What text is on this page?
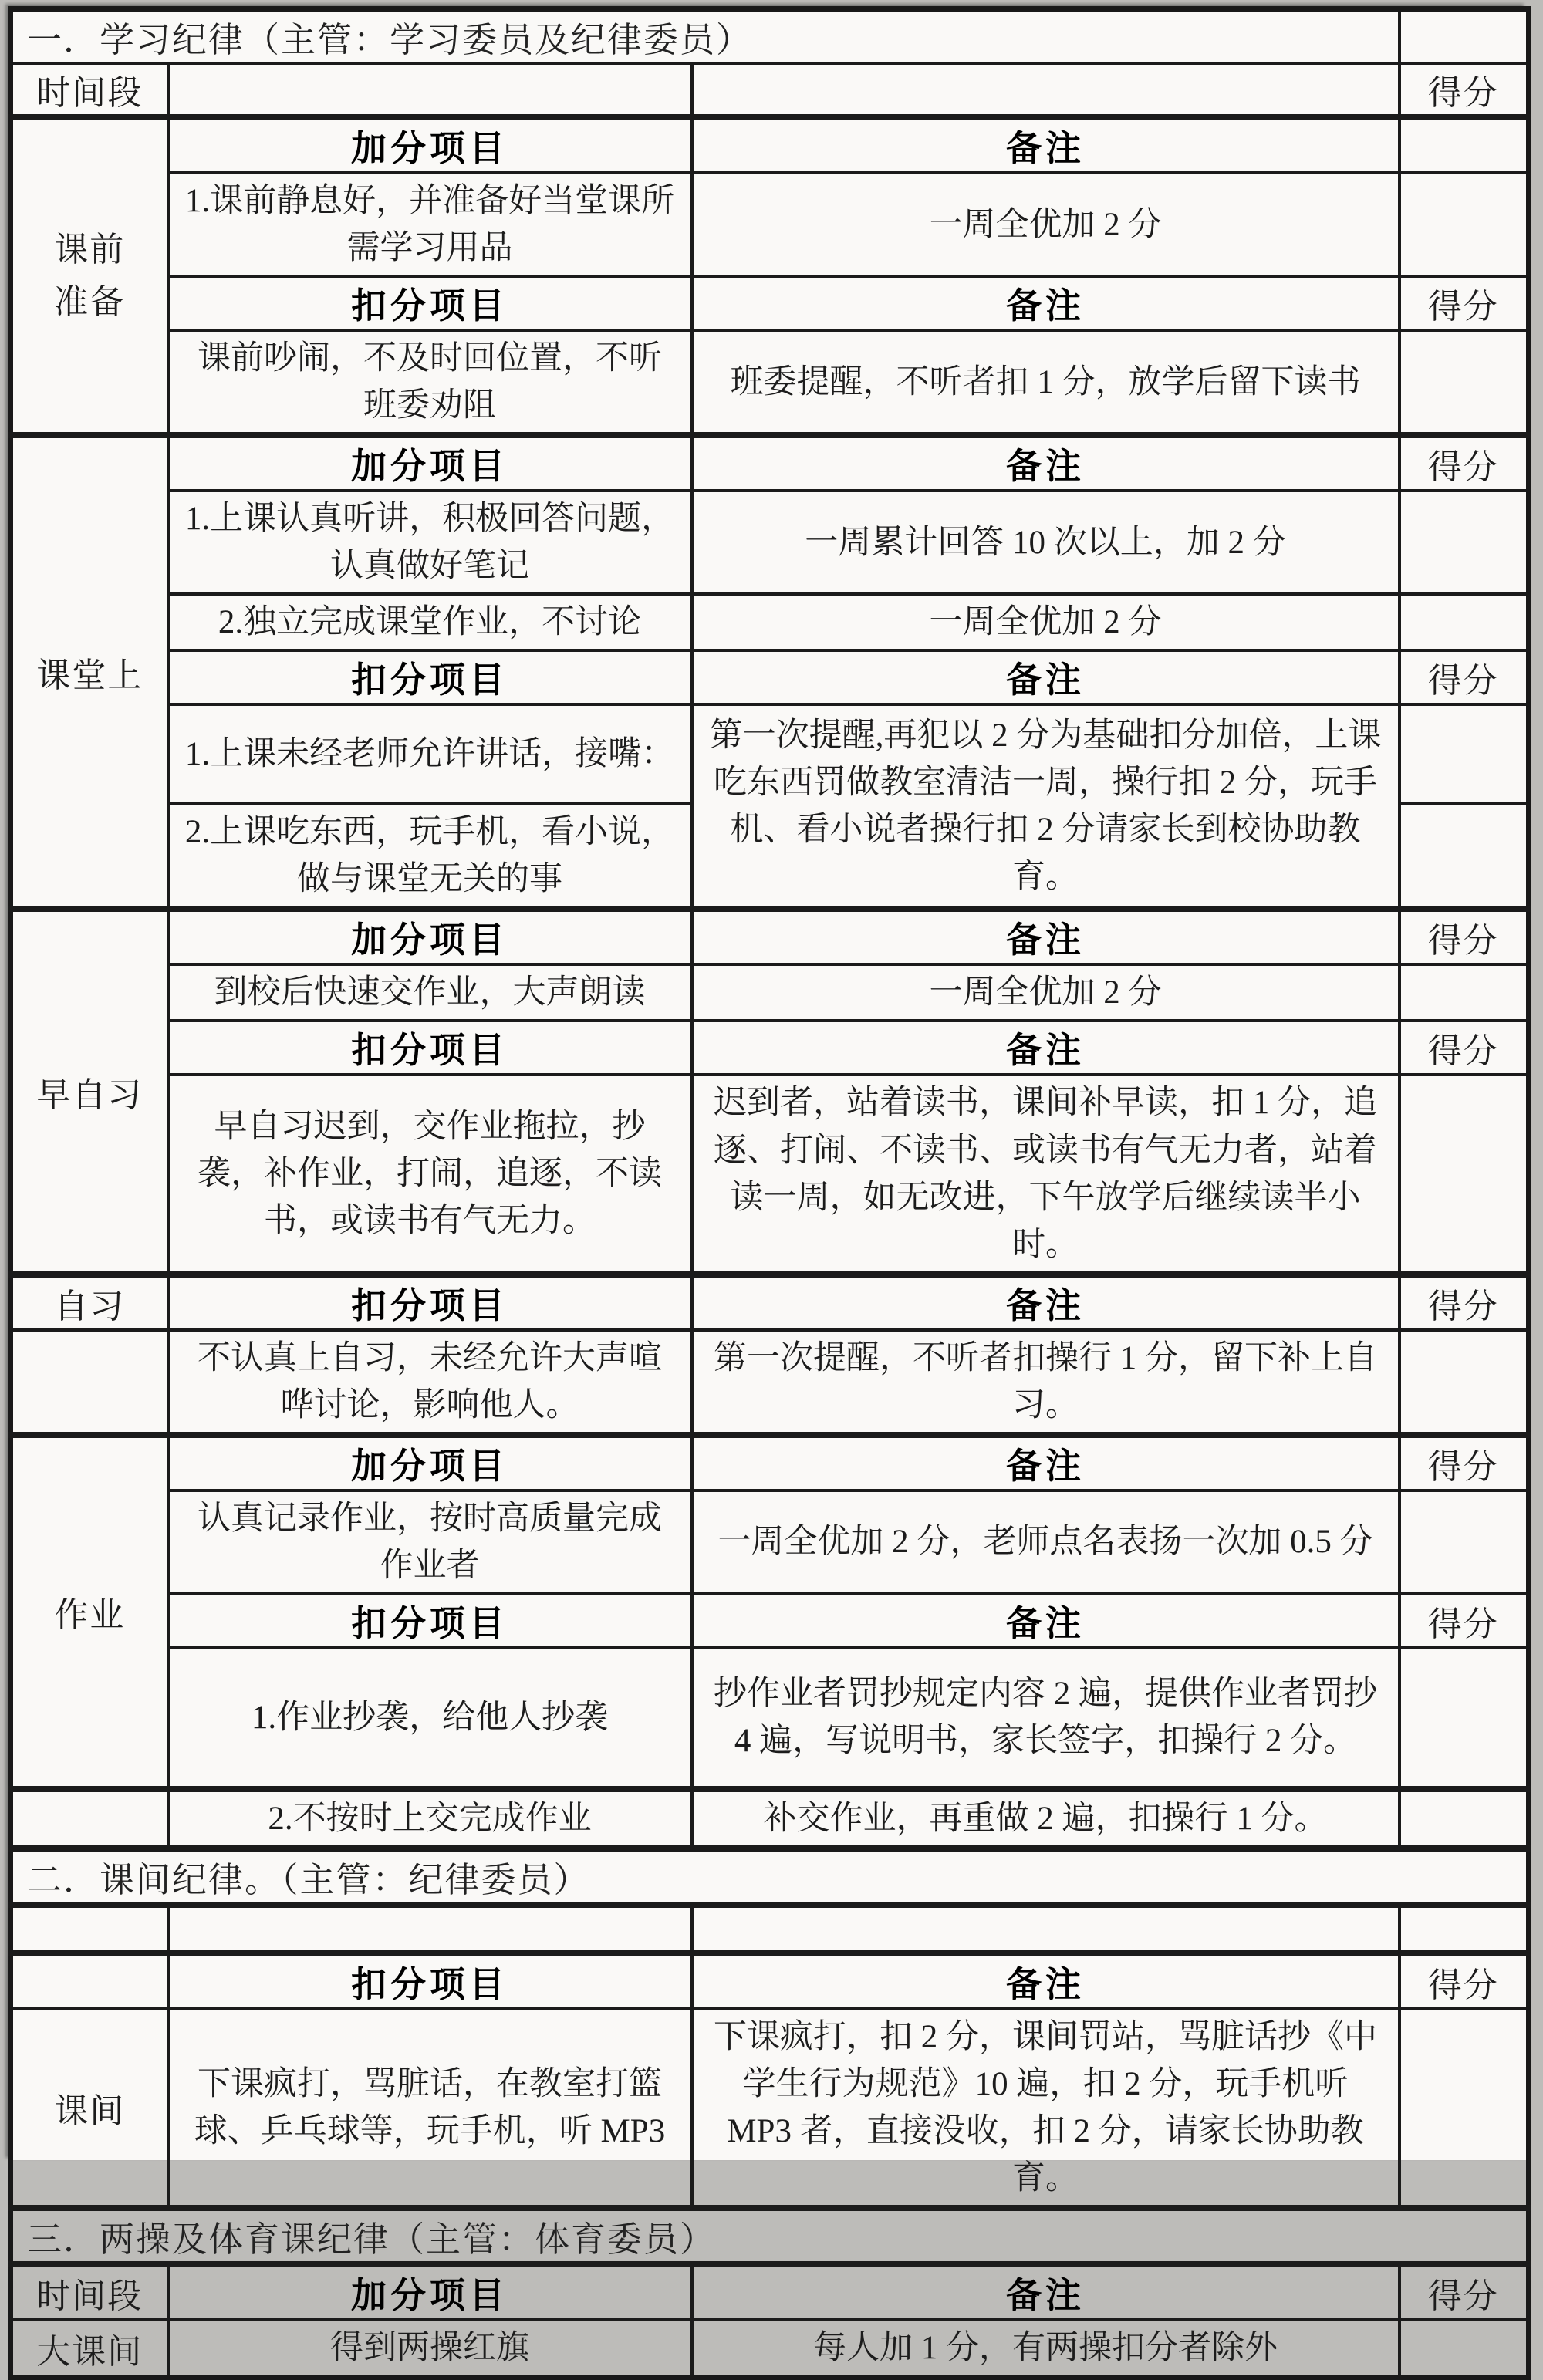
一．学习纪律（主管：学习委员及纪律委员）			
时间段			得分
课前准备	加分项目	备注	
	1.课前静息好，并准备好当堂课所需学习用品	一周全优加 2 分	
	扣分项目	备注	得分
	课前吵闹，不及时回位置，不听班委劝阻	班委提醒，不听者扣 1 分，放学后留下读书	
课堂上	加分项目	备注	得分
	1.上课认真听讲，积极回答问题，认真做好笔记	一周累计回答 10 次以上，加 2 分	
	2.独立完成课堂作业，不讨论	一周全优加 2 分	
	扣分项目	备注	得分
	1.上课未经老师允许讲话，接嘴：	第一次提醒,再犯以 2 分为基础扣分加倍，上课吃东西罚做教室清洁一周，操行扣 2 分，玩手机、看小说者操行扣 2 分请家长到校协助教育。	
	2.上课吃东西，玩手机，看小说，做与课堂无关的事		
早自习	加分项目	备注	得分
	到校后快速交作业，大声朗读	一周全优加 2 分	
	扣分项目	备注	得分
	早自习迟到，交作业拖拉，抄袭，补作业，打闹，追逐，不读书，或读书有气无力。	迟到者，站着读书，课间补早读，扣 1 分，追逐、打闹、不读书、或读书有气无力者，站着读一周，如无改进，下午放学后继续读半小时。	
自习	扣分项目	备注	得分
	不认真上自习，未经允许大声喧哗讨论，影响他人。	第一次提醒，不听者扣操行 1 分，留下补上自习。	
作业	加分项目	备注	得分
	认真记录作业，按时高质量完成作业者	一周全优加 2 分，老师点名表扬一次加 0.5 分	
	扣分项目	备注	得分
	1.作业抄袭，给他人抄袭	抄作业者罚抄规定内容 2 遍，提供作业者罚抄 4 遍，写说明书，家长签字，扣操行 2 分。	
	2.不按时上交完成作业	补交作业，再重做 2 遍，扣操行 1 分。	
二．课间纪律。（主管：纪律委员）			

	扣分项目	备注	得分
课间	下课疯打，骂脏话，在教室打篮球、乒乓球等，玩手机，听 MP3	下课疯打，扣 2 分，课间罚站，骂脏话抄《中学生行为规范》10 遍，扣 2 分，玩手机听 MP3 者，直接没收，扣 2 分，请家长协助教育。	
三．两操及体育课纪律（主管：体育委员）			
时间段	加分项目	备注	得分
大课间	得到两操红旗	每人加 1 分，有两操扣分者除外	
